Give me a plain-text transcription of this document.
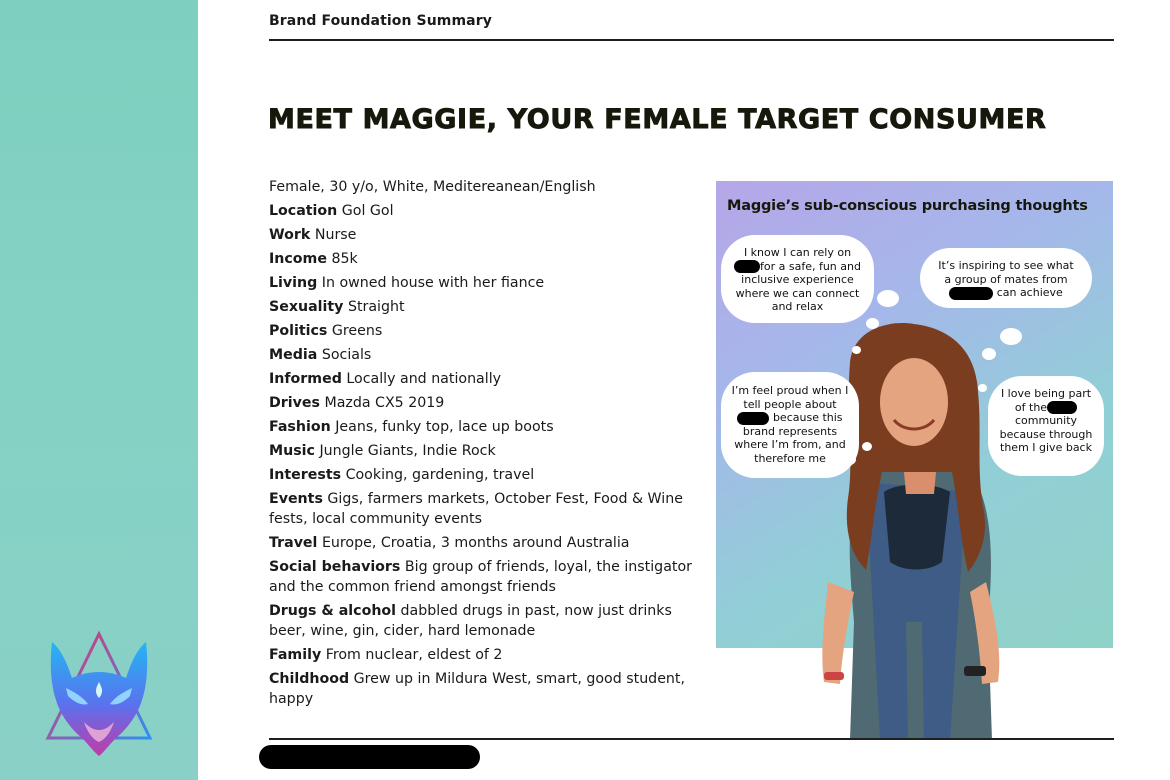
Brand Foundation Summary
MEET MAGGIE, YOUR FEMALE TARGET CONSUMER
Female, 30 y/o, White, Meditereanean/English
Location Gol Gol
Work Nurse
Income 85k
Living In owned house with her fiance
Sexuality Straight
Politics Greens
Media Socials
Informed Locally and nationally
Drives Mazda CX5 2019
Fashion Jeans, funky top, lace up boots
Music Jungle Giants, Indie Rock
Interests Cooking, gardening, travel
Events Gigs, farmers markets, October Fest, Food & Wine fests, local community events
Travel Europe, Croatia, 3 months around Australia
Social behaviors Big group of friends, loyal, the instigator and the common friend amongst friends
Drugs & alcohol dabbled drugs in past, now just drinks beer, wine, gin, cider, hard lemonade
Family From nuclear, eldest of 2
Childhood Grew up in Mildura West, smart, good student, happy
Maggie’s sub-conscious purchasing thoughts
I know I can rely on
for a safe, fun and inclusive experience where we can connect and relax
It’s inspiring to see what a group of mates from
can achieve
I’m feel proud when I tell people about
because this brand represents where I’m from, and therefore me
I love being part of the
community because through them I give back
